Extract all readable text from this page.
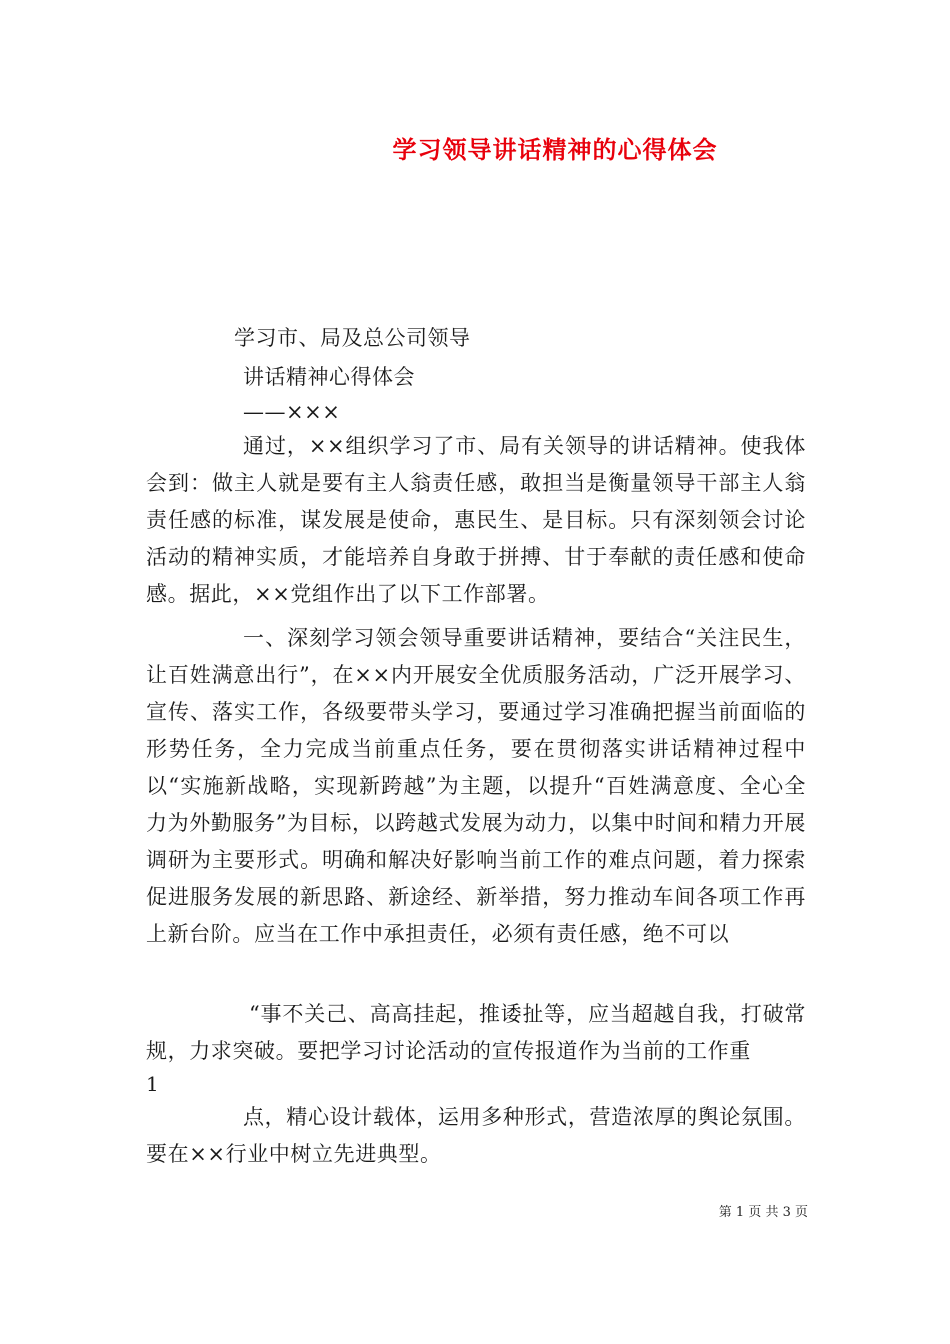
学习领导讲话精神的心得体会
学习市、局及总公司领导
讲话精神心得体会
——×××

通过，××组织学习了市、局有关领导的讲话精神。使我体会到：做主人就是要有主人翁责任感，敢担当是衡量领导干部主人翁责任感的标准，谋发展是使命，惠民生、是目标。只有深刻领会讨论活动的精神实质，才能培养自身敢于拼搏、甘于奉献的责任感和使命感。据此，××党组作出了以下工作部署。

一、深刻学习领会领导重要讲话精神，要结合“关注民生，让百姓满意出行”，在××内开展安全优质服务活动，广泛开展学习、宣传、落实工作，各级要带头学习，要通过学习准确把握当前面临的形势任务，全力完成当前重点任务，要在贯彻落实讲话精神过程中以“实施新战略，实现新跨越”为主题，以提升“百姓满意度、全心全力为外勤服务”为目标，以跨越式发展为动力，以集中时间和精力开展调研为主要形式。明确和解决好影响当前工作的难点问题，着力探索促进服务发展的新思路、新途经、新举措，努力推动车间各项工作再上新台阶。应当在工作中承担责任，必须有责任感，绝不可以

“事不关己、高高挂起，推诿扯等，应当超越自我，打破常规，力求突破。要把学习讨论活动的宣传报道作为当前的工作重

1

点，精心设计载体，运用多种形式，营造浓厚的舆论氛围。要在××行业中树立先进典型。

第 1 页 共 3 页
